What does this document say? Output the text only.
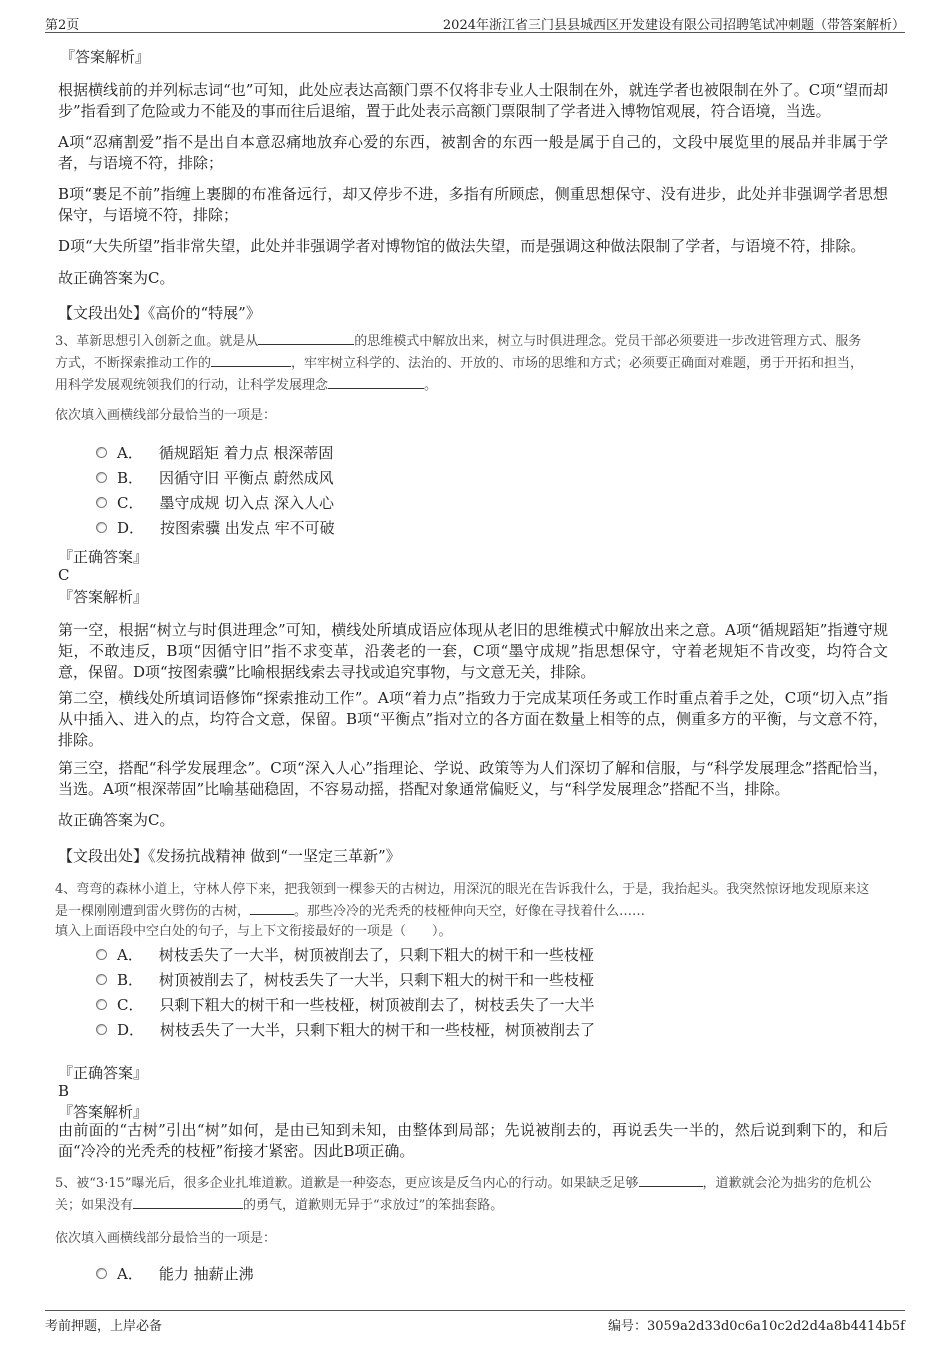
第2页	2024年浙江省三门县县城西区开发建设有限公司招聘笔试冲刺题（带答案解析）
『答案解析』

根据横线前的并列标志词“也”可知，此处应表达高额门票不仅将非专业人士限制在外，就连学者也被限制在外了。C项“望而却步”指看到了危险或力不能及的事而往后退缩，置于此处表示高额门票限制了学者进入博物馆观展，符合语境，当选。

A项“忍痛割爱”指不是出自本意忍痛地放弃心爱的东西，被割舍的东西一般是属于自己的，文段中展览里的展品并非属于学者，与语境不符，排除；

B项“裹足不前”指缠上裹脚的布准备远行，却又停步不进，多指有所顾虑，侧重思想保守、没有进步，此处并非强调学者思想保守，与语境不符，排除；

D项“大失所望”指非常失望，此处并非强调学者对博物馆的做法失望，而是强调这种做法限制了学者，与语境不符，排除。

故正确答案为C。

【文段出处】《高价的“特展”》

3、革新思想引入创新之血。就是从	的思维模式中解放出来，树立与时俱进理念。党员干部必须要进一步改进管理方式、服务
方式，不断探索推动工作的	，牢牢树立科学的、法治的、开放的、市场的思维和方式；必须要正确面对难题，勇于开拓和担当，
用科学发展观统领我们的行动，让科学发展理念	。

依次填入画横线部分最恰当的一项是：
A． 循规蹈矩 着力点 根深蒂固
B． 因循守旧 平衡点 蔚然成风
C． 墨守成规 切入点 深入人心
D． 按图索骥 出发点 牢不可破
『正确答案』
C
『答案解析』

第一空，根据“树立与时俱进理念”可知，横线处所填成语应体现从老旧的思维模式中解放出来之意。A项“循规蹈矩”指遵守规矩，不敢违反，B项“因循守旧”指不求变革，沿袭老的一套，C项“墨守成规”指思想保守，守着老规矩不肯改变，均符合文意，保留。D项“按图索骥”比喻根据线索去寻找或追究事物，与文意无关，排除。

第二空，横线处所填词语修饰“探索推动工作”。A项“着力点”指致力于完成某项任务或工作时重点着手之处，C项“切入点”指从中插入、进入的点，均符合文意，保留。B项“平衡点”指对立的各方面在数量上相等的点，侧重多方的平衡，与文意不符，排除。

第三空，搭配“科学发展理念”。C项“深入人心”指理论、学说、政策等为人们深切了解和信服，与“科学发展理念”搭配恰当，当选。A项“根深蒂固”比喻基础稳固，不容易动摇，搭配对象通常偏贬义，与“科学发展理念”搭配不当，排除。

故正确答案为C。

【文段出处】《发扬抗战精神 做到“一坚定三革新”》

4、弯弯的森林小道上，守林人停下来，把我领到一棵参天的古树边，用深沉的眼光在告诉我什么，于是，我抬起头。我突然惊讶地发现原来这
是一棵刚刚遭到雷火劈伤的古树，	。那些冷冷的光秃秃的枝桠伸向天空，好像在寻找着什么……
填入上面语段中空白处的句子，与上下文衔接最好的一项是（　　）。

A． 树枝丢失了一大半，树顶被削去了，只剩下粗大的树干和一些枝桠
B． 树顶被削去了，树枝丢失了一大半，只剩下粗大的树干和一些枝桠
C． 只剩下粗大的树干和一些枝桠，树顶被削去了，树枝丢失了一大半
D． 树枝丢失了一大半，只剩下粗大的树干和一些枝桠，树顶被削去了
『正确答案』
B
『答案解析』

由前面的“古树”引出“树”如何，是由已知到未知，由整体到局部；先说被削去的，再说丢失一半的，然后说到剩下的，和后面“冷冷的光秃秃的枝桠”衔接才紧密。因此B项正确。

5、被“3·15”曝光后，很多企业扎堆道歉。道歉是一种姿态，更应该是反刍内心的行动。如果缺乏足够	，道歉就会沦为拙劣的危机公
关；如果没有	的勇气，道歉则无异于“求放过”的笨拙套路。

依次填入画横线部分最恰当的一项是：
A． 能力 抽薪止沸
考前押题，上岸必备	编号：3059a2d33d0c6a10c2d2d4a8b4414b5f
